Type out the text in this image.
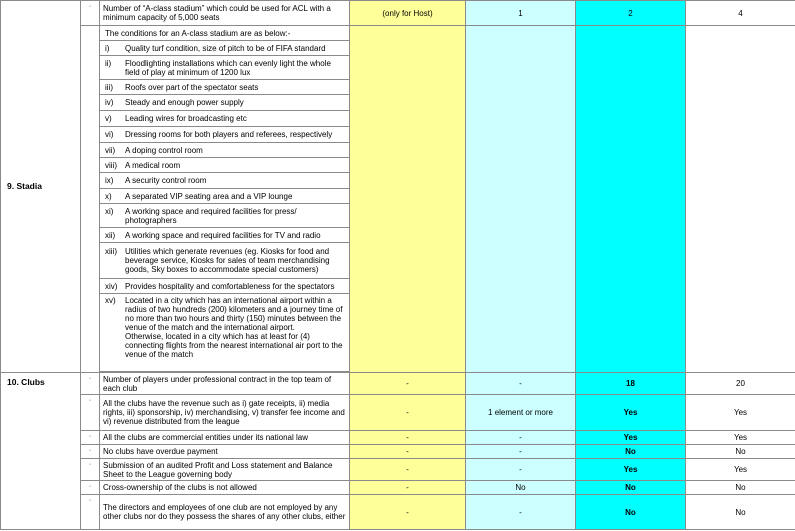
9. Stadia	·	Number of “A-class stadium” which could be used for ACL with a minimum capacity of 5,000 seats	(only for Host)	1	2	4
		The conditions for an A-class stadium are as below:-				

		i) Quality turf condition, size of pitch to be of FIFA standard				

		ii) Floodlighting installations which can evenly light the whole field of play at minimum of 1200 lux				

		iii) Roofs over part of the spectator seats				

		iv) Steady and enough power supply				

		v) Leading wires for broadcasting etc				

		vi) Dressing rooms for both players and referees, respectively				

		vii) A doping control room				

		viii) A medical room				

		ix) A security control room				

		x) A separated VIP seating area and a VIP lounge				

		xi) A working space and required facilities for press/ photographers				

		xii) A working space and required facilities for TV and radio				

		xiii) Utilities which generate revenues (eg. Kiosks for food and beverage service, Kiosks for sales of team merchandising goods, Sky boxes to accommodate special customers)				

		xiv) Provides hospitality and comfortableness for the spectators				

		xv) Located in a city which has an international airport within a radius of two hundreds (200) kilometers and a journey time of no more than two hours and thirty (150) minutes between the venue of the match and the international airport.
Otherwise, located in a city which has at least for (4) connecting flights from the nearest international air port to the venue of the match				

10. Clubs	·	Number of players under professional contract in the top team of each club	-	-	18	20
	·	All the clubs have the revenue such as i) gate receipts, ii) media rights, iii) sponsorship, iv) merchandising, v) transfer fee income and vi) revenue distributed from the league	-	1 element or more	Yes	Yes
	·	All the clubs are commercial entities under its national law	-	-	Yes	Yes
	·	No clubs have overdue payment	-	-	No	No
	·	Submission of an audited Profit and Loss statement and Balance Sheet to the League governing body	-	-	Yes	Yes
	·	Cross-ownership of the clubs is not allowed	-	No	No	No
	·	The directors and employees of one club are not employed by any other clubs nor do they possess the shares of any other clubs, either	-	-	No	No
